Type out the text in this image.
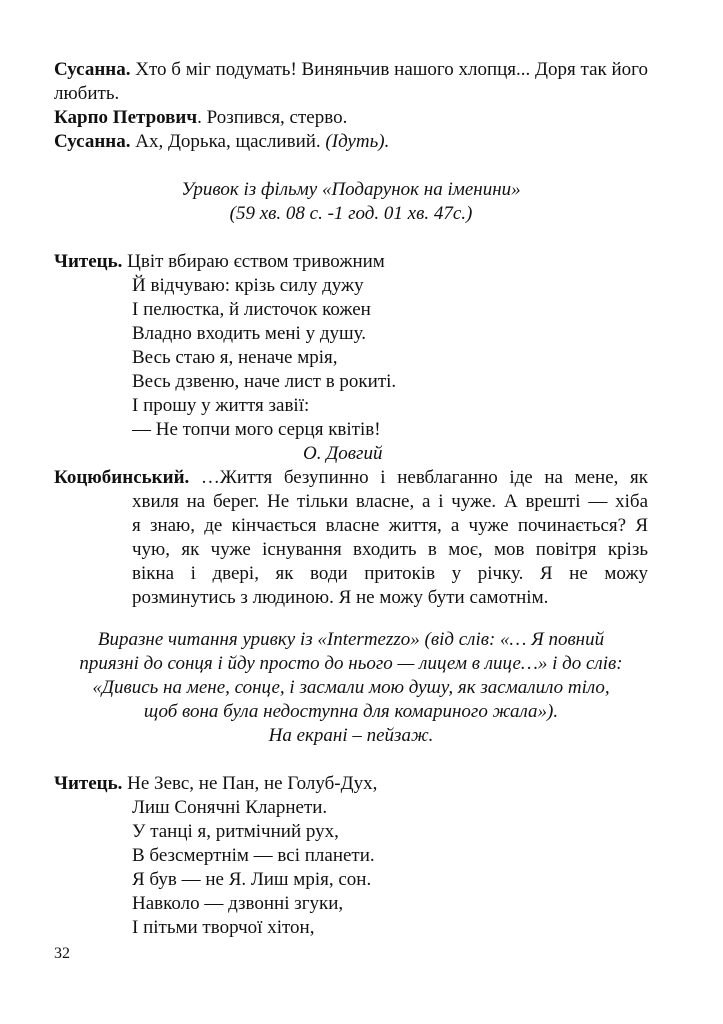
Сусанна. Хто б міг подумать! Виняньчив нашого хлопця... Доря так його любить.

Карпо Петрович. Розпився, стерво.

Сусанна. Ах, Дорька, щасливий. (Ідуть).

Уривок із фільму «Подарунок на іменини»

(59 хв. 08 с. -1 год. 01 хв. 47с.)

Читець. Цвіт вбираю єством тривожним

Й відчуваю: крізь силу дужу

І пелюстка, й листочок кожен

Владно входить мені у душу.

Весь стаю я, неначе мрія,

Весь дзвеню, наче лист в рокиті.

І прошу у життя завії:

— Не топчи мого серця квітів!

О. Довгий

Коцюбинський. …Життя безупинно і невблаганно іде на мене, як
хвиля на берег. Не тільки власне, а і чуже. А врешті — хіба
я знаю, де кінчається власне життя, а чуже починається? Я
чую, як чуже існування входить в моє, мов повітря крізь
вікна і двері, як води притоків у річку. Я не можу
розминутись з людиною. Я не можу бути самотнім.

Виразне читання уривку із «Intermezzo» (від слів: «… Я повний

приязні до сонця і йду просто до нього — лицем в лице…» і до слів:

«Дивись на мене, сонце, і засмали мою душу, як засмалило тіло,

щоб вона була недоступна для комариного жала»).

На екрані – пейзаж.

Читець. Не Зевс, не Пан, не Голуб-Дух,

Лиш Сонячні Кларнети.

У танці я, ритмічний рух,

В безсмертнім — всі планети.

Я був — не Я. Лиш мрія, сон.

Навколо — дзвонні згуки,

І пітьми творчої хітон,

32
